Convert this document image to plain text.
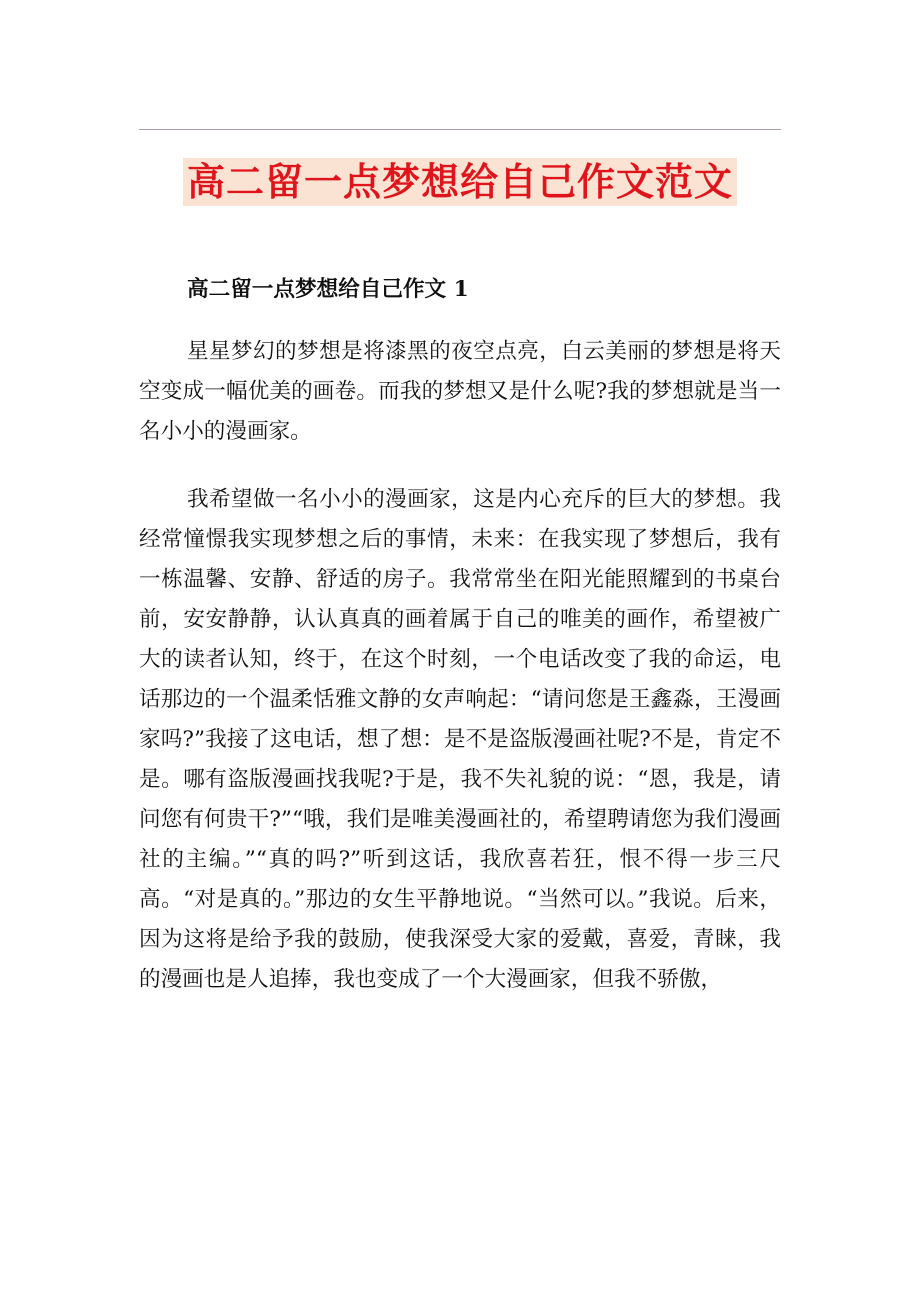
高二留一点梦想给自己作文范文

高二留一点梦想给自己作文 1

星星梦幻的梦想是将漆黑的夜空点亮，白云美丽的梦想是将天空变成一幅优美的画卷。而我的梦想又是什么呢?我的梦想就是当一名小小的漫画家。

我希望做一名小小的漫画家，这是内心充斥的巨大的梦想。我经常憧憬我实现梦想之后的事情，未来：在我实现了梦想后，我有一栋温馨、安静、舒适的房子。我常常坐在阳光能照耀到的书桌台前，安安静静，认认真真的画着属于自己的唯美的画作，希望被广大的读者认知，终于，在这个时刻，一个电话改变了我的命运，电话那边的一个温柔恬雅文静的女声响起：“请问您是王鑫淼，王漫画家吗?”我接了这电话，想了想：是不是盗版漫画社呢?不是，肯定不是。哪有盗版漫画找我呢?于是，我不失礼貌的说：“恩，我是，请问您有何贵干?”“哦，我们是唯美漫画社的，希望聘请您为我们漫画社的主编。”“真的吗?”听到这话，我欣喜若狂，恨不得一步三尺高。“对是真的。”那边的女生平静地说。“当然可以。”我说。后来，因为这将是给予我的鼓励，使我深受大家的爱戴，喜爱，青睐，我的漫画也是人追捧，我也变成了一个大漫画家，但我不骄傲，
